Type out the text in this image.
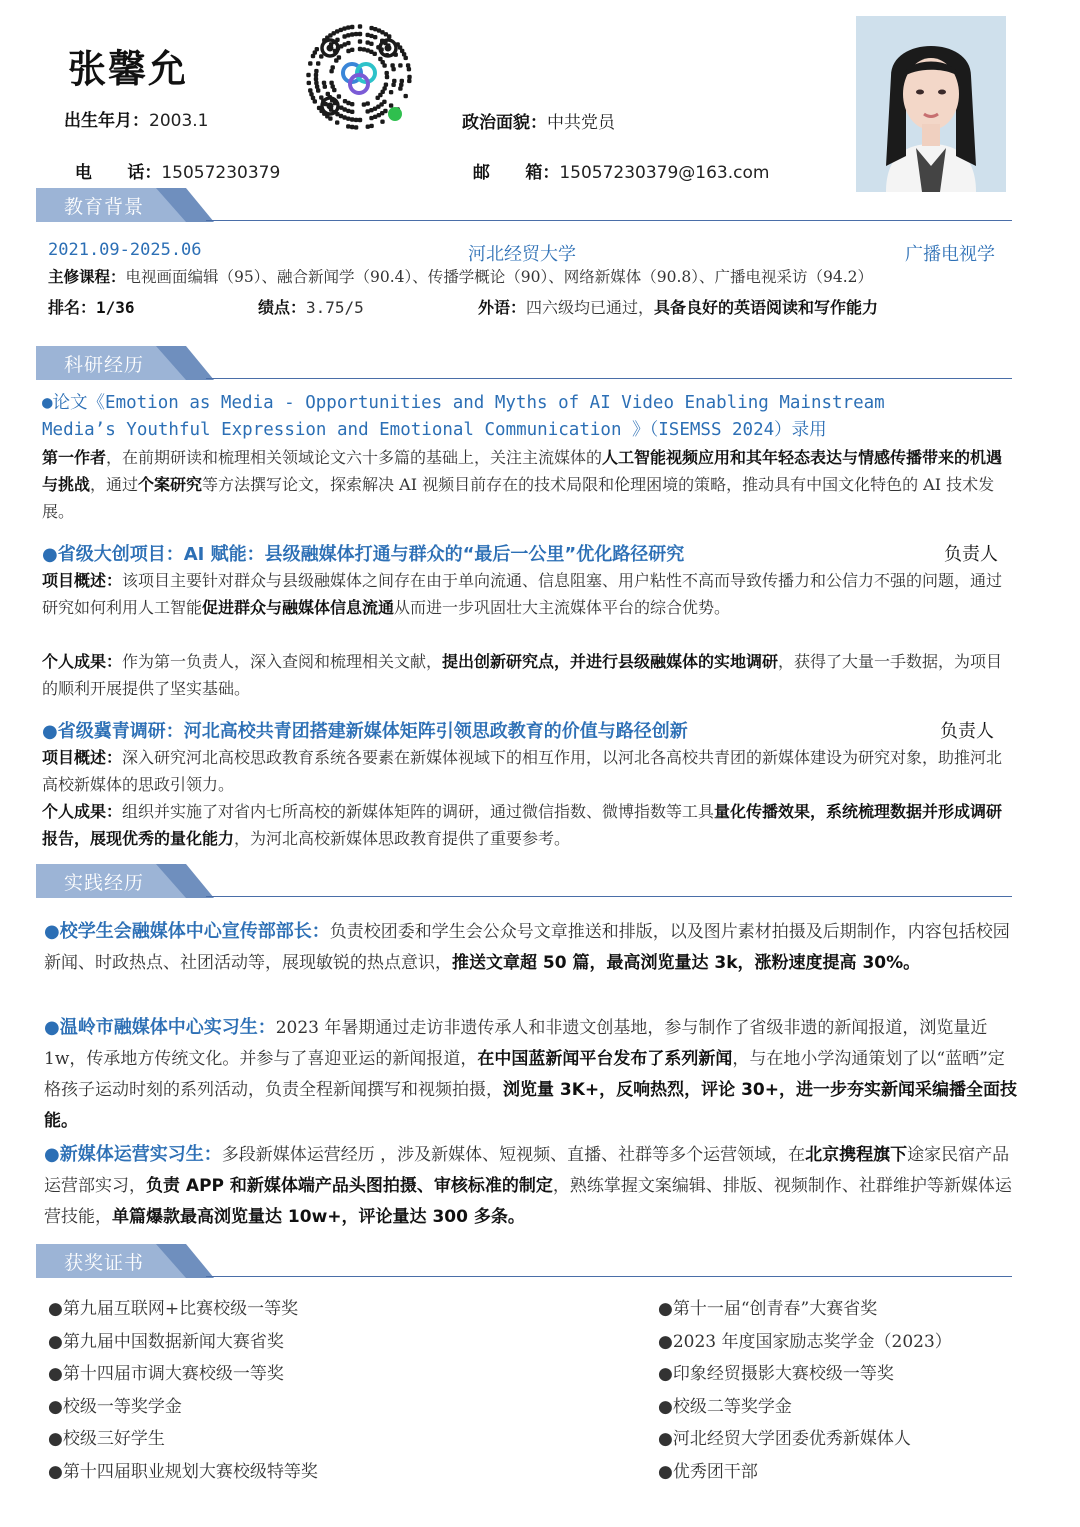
张馨允
出生年月：2003.1

电      话：15057230379

政治面貌：中共党员

邮      箱：15057230379@163.com

教育背景
2021.09-2025.06	河北经贸大学	广播电视学
主修课程：电视画面编辑（95）、融合新闻学（90.4）、传播学概论（90）、网络新媒体（90.8）、广播电视采访（94.2）
排名：1/36	绩点：3.75/5	外语：四六级均已通过，具备良好的英语阅读和写作能力
科研经历
●论文《Emotion as Media - Opportunities and Myths of AI Video Enabling Mainstream
Media’s Youthful Expression and Emotional Communication 》（ISEMSS 2024）录用
第一作者，在前期研读和梳理相关领域论文六十多篇的基础上，关注主流媒体的人工智能视频应用和其年轻态表达与情感传播带来的机遇与挑战，通过个案研究等方法撰写论文，探索解决 AI 视频目前存在的技术局限和伦理困境的策略，推动具有中国文化特色的 AI 技术发展。
●省级大创项目：AI 赋能：县级融媒体打通与群众的“最后一公里”优化路径研究	负责人
项目概述：该项目主要针对群众与县级融媒体之间存在由于单向流通、信息阻塞、用户粘性不高而导致传播力和公信力不强的问题，通过研究如何利用人工智能促进群众与融媒体信息流通从而进一步巩固壮大主流媒体平台的综合优势。
个人成果：作为第一负责人，深入查阅和梳理相关文献，提出创新研究点，并进行县级融媒体的实地调研，获得了大量一手数据，为项目的顺利开展提供了坚实基础。
●省级冀青调研：河北高校共青团搭建新媒体矩阵引领思政教育的价值与路径创新	负责人
项目概述：深入研究河北高校思政教育系统各要素在新媒体视域下的相互作用，以河北各高校共青团的新媒体建设为研究对象，助推河北高校新媒体的思政引领力。
个人成果：组织并实施了对省内七所高校的新媒体矩阵的调研，通过微信指数、微博指数等工具量化传播效果，系统梳理数据并形成调研报告，展现优秀的量化能力，为河北高校新媒体思政教育提供了重要参考。
实践经历
●校学生会融媒体中心宣传部部长：负责校团委和学生会公众号文章推送和排版，以及图片素材拍摄及后期制作，内容包括校园新闻、时政热点、社团活动等，展现敏锐的热点意识，推送文章超 50 篇，最高浏览量达 3k，涨粉速度提高 30%。
●温岭市融媒体中心实习生：2023 年暑期通过走访非遗传承人和非遗文创基地，参与制作了省级非遗的新闻报道，浏览量近 1w，传承地方传统文化。并参与了喜迎亚运的新闻报道，在中国蓝新闻平台发布了系列新闻，与在地小学沟通策划了以“蓝晒”定格孩子运动时刻的系列活动，负责全程新闻撰写和视频拍摄，浏览量 3K+，反响热烈，评论 30+，进一步夯实新闻采编播全面技能。
●新媒体运营实习生：多段新媒体运营经历 ，涉及新媒体、短视频、直播、社群等多个运营领域，在北京携程旗下途家民宿产品运营部实习，负责 APP 和新媒体端产品头图拍摄、审核标准的制定，熟练掌握文案编辑、排版、视频制作、社群维护等新媒体运营技能，单篇爆款最高浏览量达 10w+，评论量达 300 多条。
获奖证书
●第九届互联网+比赛校级一等奖
●第九届中国数据新闻大赛省奖
●第十四届市调大赛校级一等奖
●校级一等奖学金
●校级三好学生
●第十四届职业规划大赛校级特等奖
●第十一届“创青春”大赛省奖
●2023 年度国家励志奖学金（2023）
●印象经贸摄影大赛校级一等奖
●校级二等奖学金
●河北经贸大学团委优秀新媒体人
●优秀团干部
